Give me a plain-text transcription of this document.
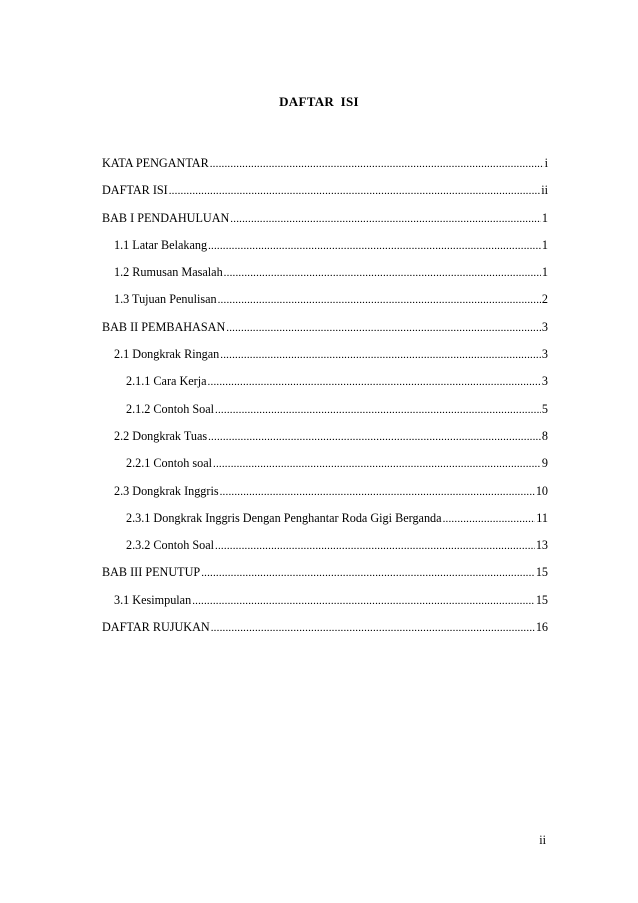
DAFTAR ISI
KATA PENGANTAR .....	i
DAFTAR ISI .....	ii
BAB I PENDAHULUAN .....	1
1.1 Latar Belakang .....	1
1.2 Rumusan Masalah .....	1
1.3 Tujuan Penulisan .....	2
BAB II PEMBAHASAN .....	3
2.1 Dongkrak Ringan .....	3
2.1.1 Cara Kerja .....	3
2.1.2 Contoh Soal .....	5
2.2 Dongkrak Tuas .....	8
2.2.1 Contoh soal .....	9
2.3 Dongkrak Inggris .....	10
2.3.1 Dongkrak Inggris Dengan Penghantar Roda Gigi Berganda .....	11
2.3.2 Contoh Soal .....	13
BAB III PENUTUP .....	15
3.1 Kesimpulan .....	15
DAFTAR RUJUKAN .....	16
ii
